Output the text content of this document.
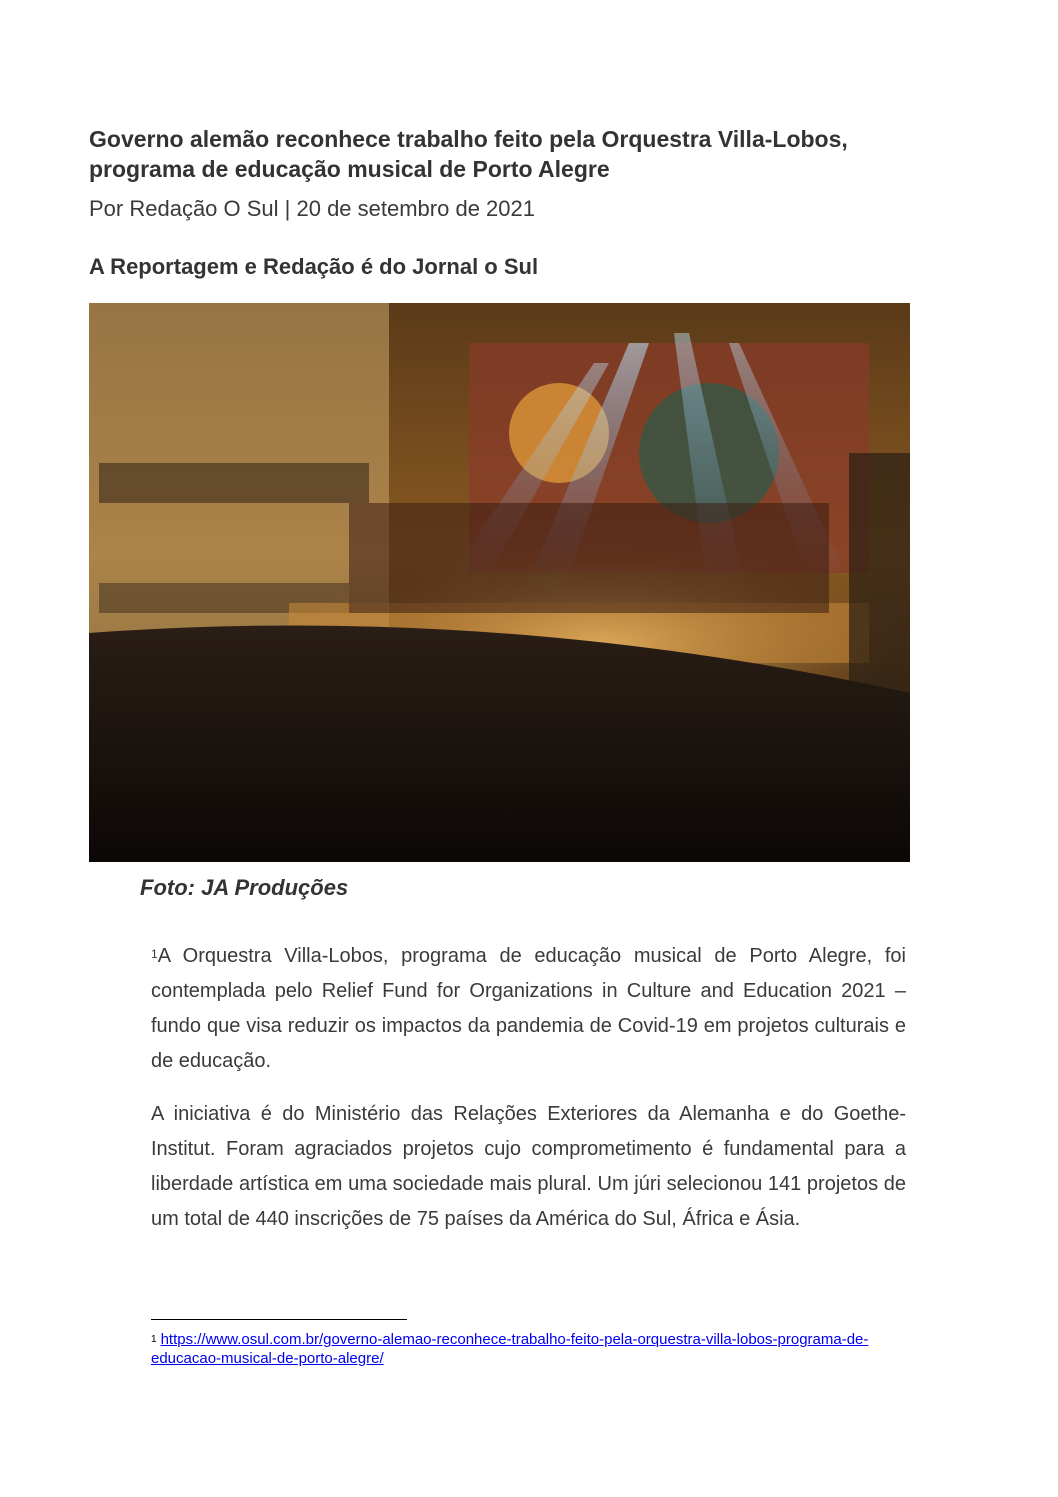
Governo alemão reconhece trabalho feito pela Orquestra Villa-Lobos, programa de educação musical de Porto Alegre

Por Redação O Sul | 20 de setembro de 2021

A Reportagem e Redação é do Jornal o Sul

Foto: JA Produções

$^1$A Orquestra Villa-Lobos, programa de educação musical de Porto Alegre, foi contemplada pelo Relief Fund for Organizations in Culture and Education 2021 – fundo que visa reduzir os impactos da pandemia de Covid-19 em projetos culturais e de educação.

A iniciativa é do Ministério das Relações Exteriores da Alemanha e do Goethe-Institut. Foram agraciados projetos cujo comprometimento é fundamental para a liberdade artística em uma sociedade mais plural. Um júri selecionou 141 projetos de um total de 440 inscrições de 75 países da América do Sul, África e Ásia.

$^1$ https://www.osul.com.br/governo-alemao-reconhece-trabalho-feito-pela-orquestra-villa-lobos-programa-de-educacao-musical-de-porto-alegre/
